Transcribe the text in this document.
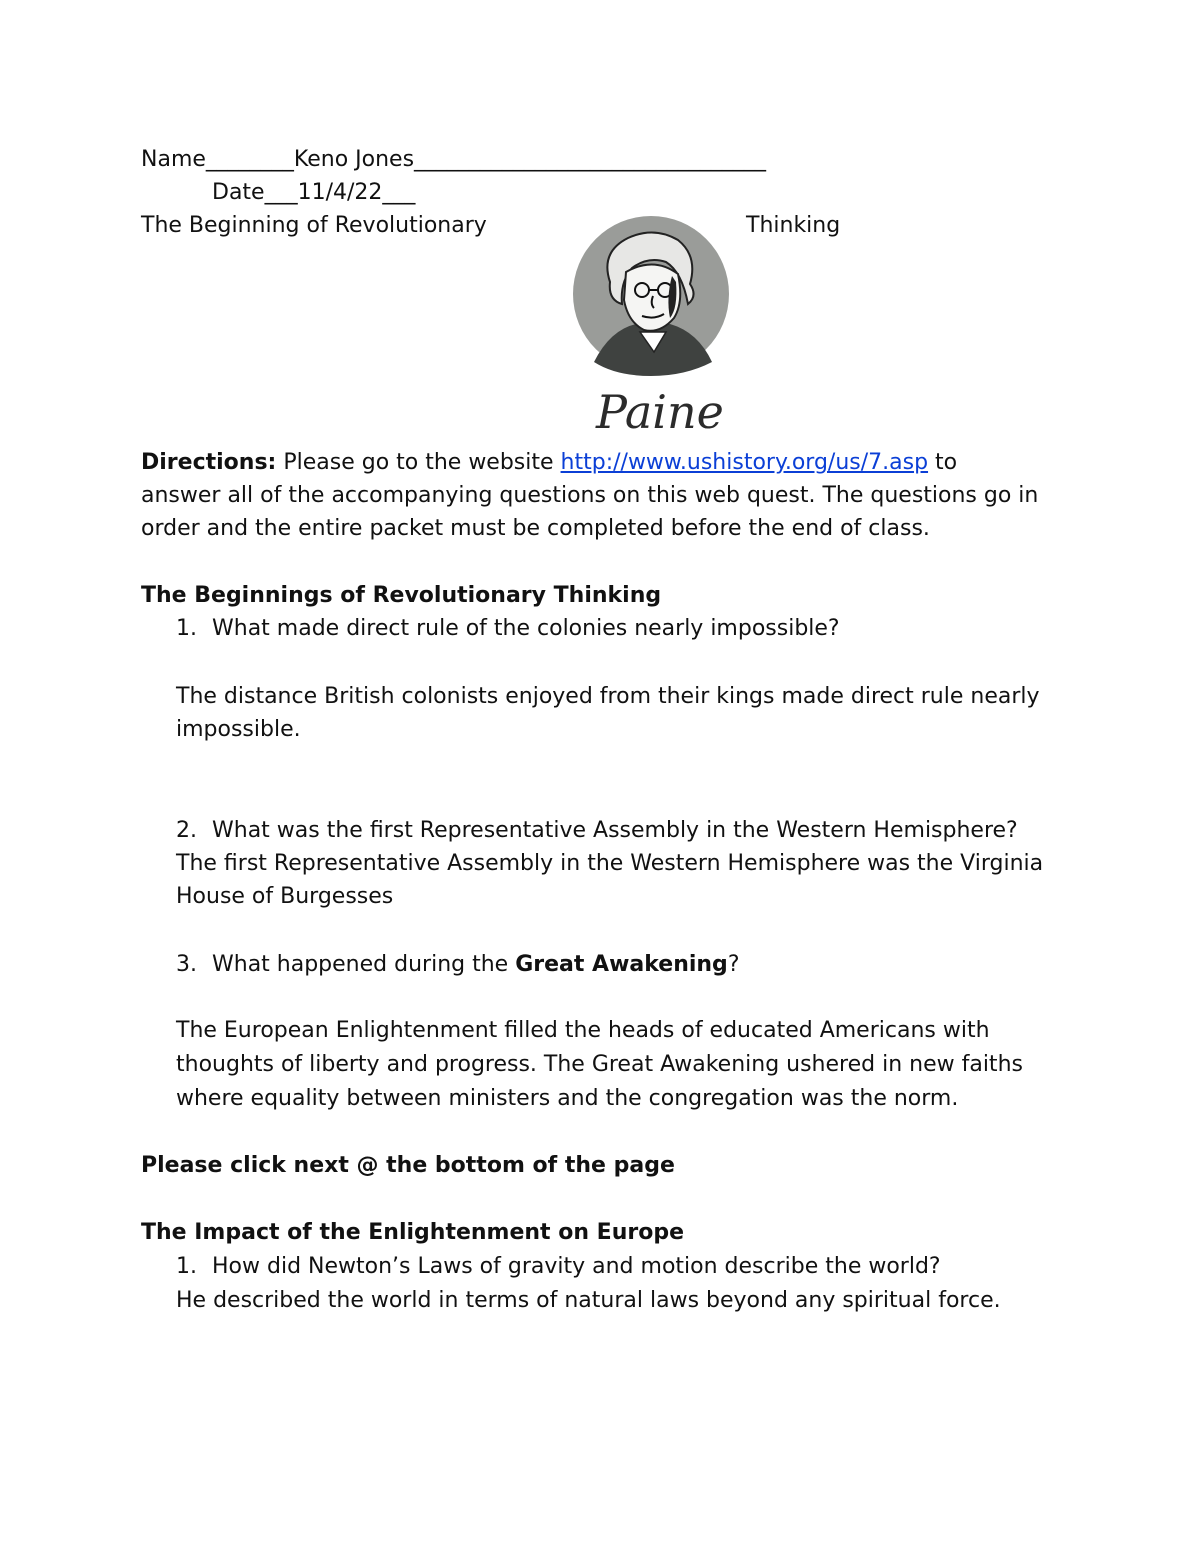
Name________Keno Jones________________________________
Date___11/4/22___
The Beginning of Revolutionary	Thinking
Paine
Directions: Please go to the website http://www.ushistory.org/us/7.asp to
answer all of the accompanying questions on this web quest. The questions go in
order and the entire packet must be completed before the end of class.
The Beginnings of Revolutionary Thinking
1. What made direct rule of the colonies nearly impossible?
The distance British colonists enjoyed from their kings made direct rule nearly
impossible.
2. What was the first Representative Assembly in the Western Hemisphere?
The first Representative Assembly in the Western Hemisphere was the Virginia
House of Burgesses
3. What happened during the Great Awakening?
The European Enlightenment filled the heads of educated Americans with
thoughts of liberty and progress. The Great Awakening ushered in new faiths
where equality between ministers and the congregation was the norm.
Please click next @ the bottom of the page
The Impact of the Enlightenment on Europe
1. How did Newton’s Laws of gravity and motion describe the world?
He described the world in terms of natural laws beyond any spiritual force.
